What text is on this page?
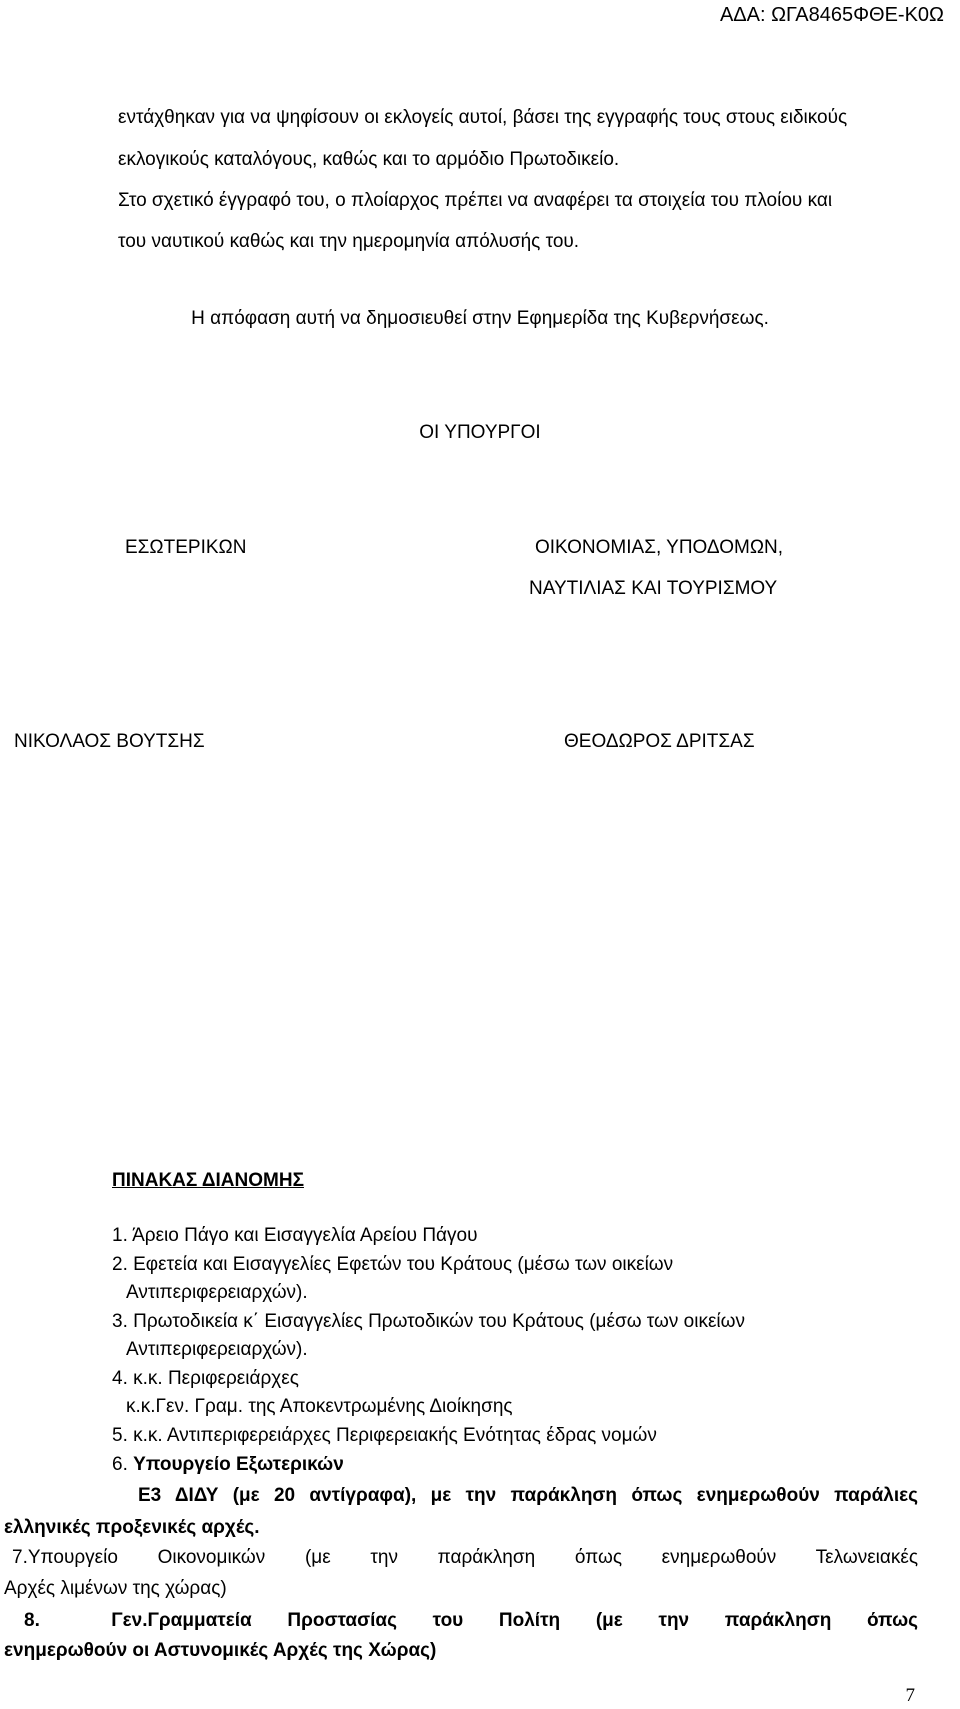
ΑΔΑ: ΩΓΑ8465ΦΘΕ-Κ0Ω
εντάχθηκαν για να ψηφίσουν οι εκλογείς αυτοί, βάσει της εγγραφής τους στους ειδικούς
εκλογικούς καταλόγους, καθώς και το αρμόδιο Πρωτοδικείο.
Στο σχετικό έγγραφό του, ο πλοίαρχος πρέπει να αναφέρει τα στοιχεία του πλοίου και
του ναυτικού καθώς και την ημερομηνία απόλυσής του.
Η απόφαση αυτή να δημοσιευθεί στην Εφημερίδα της Κυβερνήσεως.
ΟΙ ΥΠΟΥΡΓΟΙ
ΕΣΩΤΕΡΙΚΩΝ	ΟΙΚΟΝΟΜΙΑΣ, ΥΠΟΔΟΜΩΝ,
ΝΑΥΤΙΛΙΑΣ ΚΑΙ ΤΟΥΡΙΣΜΟΥ
ΝΙΚΟΛΑΟΣ ΒΟΥΤΣΗΣ	ΘΕΟΔΩΡΟΣ ΔΡΙΤΣΑΣ
ΠΙΝΑΚΑΣ ΔΙΑΝΟΜΗΣ
1. Άρειο Πάγο και Εισαγγελία Αρείου Πάγου
2. Εφετεία και Εισαγγελίες Εφετών του Κράτους (μέσω των οικείων
Αντιπεριφερειαρχών).
3. Πρωτοδικεία κ΄ Εισαγγελίες Πρωτοδικών του Κράτους (μέσω των οικείων
Αντιπεριφερειαρχών).
4. κ.κ. Περιφερειάρχες
κ.κ.Γεν. Γραμ. της Αποκεντρωμένης Διοίκησης
5. κ.κ. Αντιπεριφερειάρχες Περιφερειακής Ενότητας έδρας νομών
6. Υπουργείο Εξωτερικών
Ε3 ΔΙΔΥ (με 20 αντίγραφα), με την παράκληση όπως ενημερωθούν παράλιες
ελληνικές προξενικές αρχές.
7.Υπουργείο Οικονομικών (με την παράκληση όπως ενημερωθούν Τελωνειακές
Αρχές λιμένων της χώρας)
8.	Γεν.Γραμματεία Προστασίας του Πολίτη (με την παράκληση όπως
ενημερωθούν οι Αστυνομικές Αρχές της Χώρας)
7
